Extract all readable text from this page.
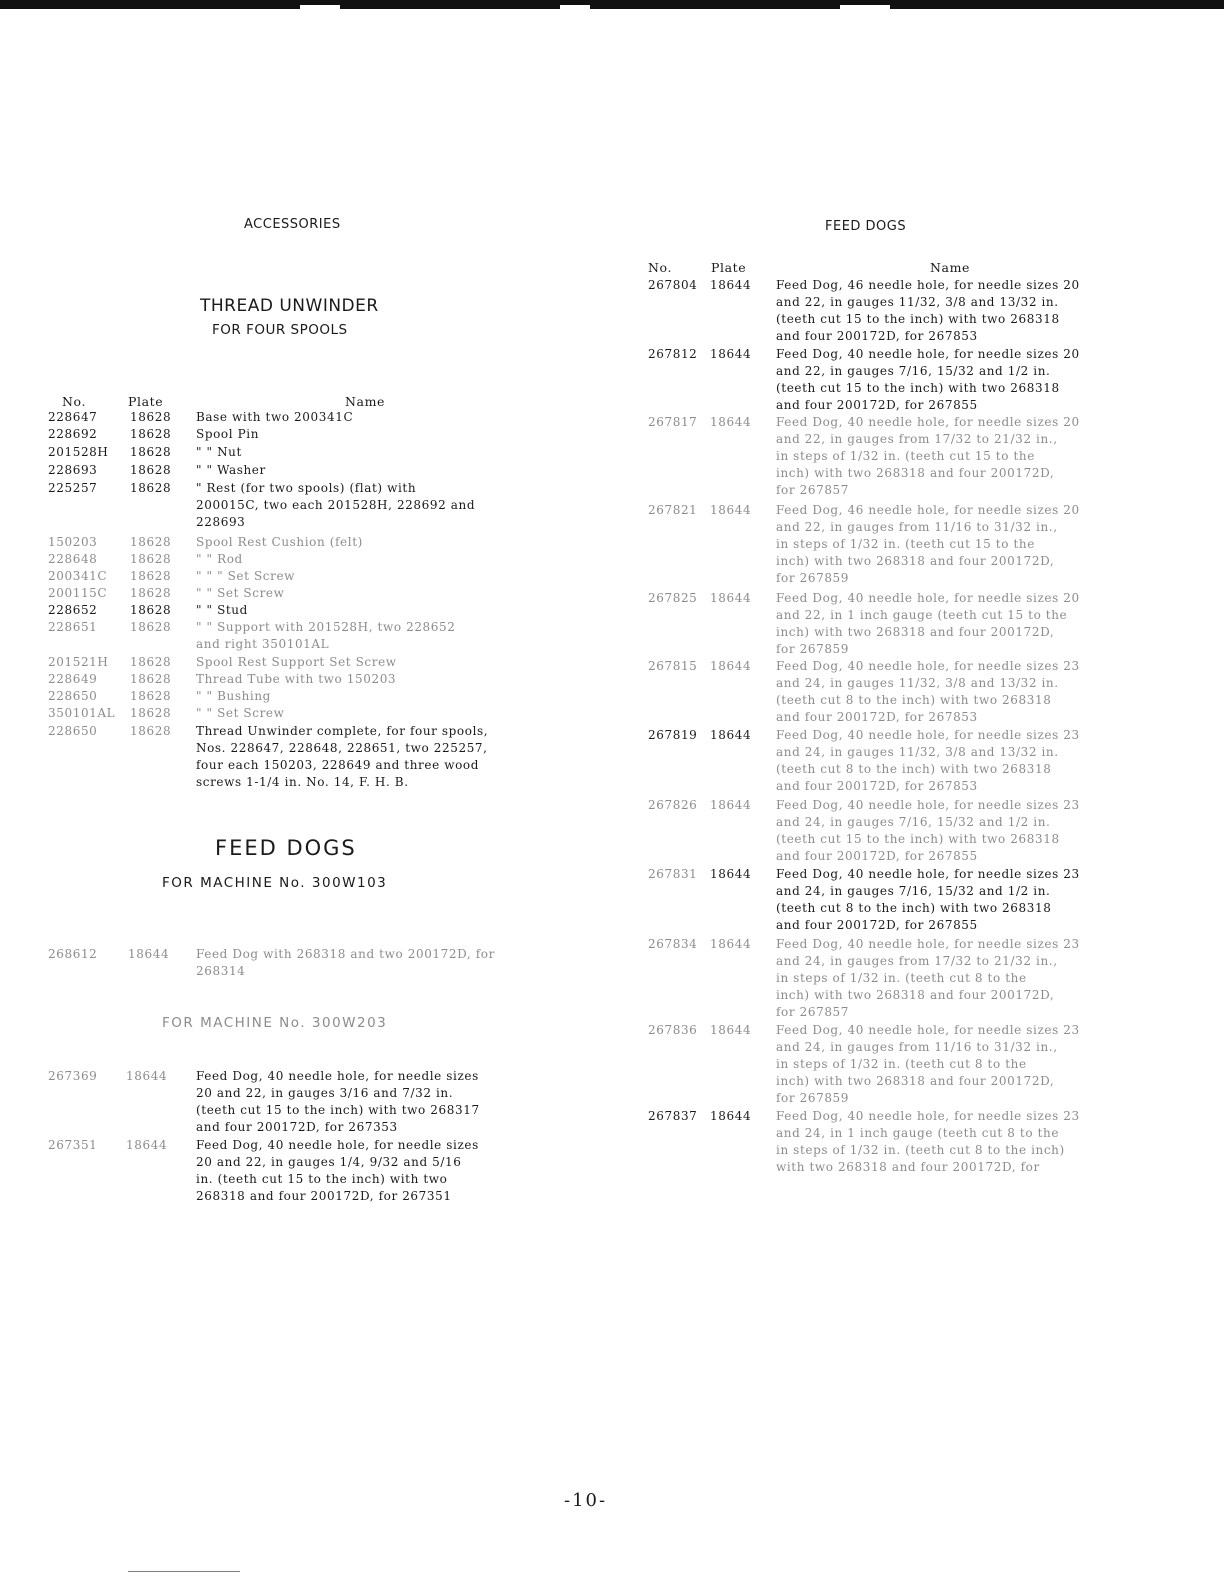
ACCESSORIES
THREAD UNWINDER
FOR FOUR SPOOLS
No.	Plate	Name
228647	18628 Base with two 200341C
228692	18628 Spool Pin
201528H 18628 " " Nut
228693	18628 " " Washer
225257	18628 " Rest (for two spools) (flat) with
200015C, two each 201528H, 228692 and
228693
150203	18628 Spool Rest Cushion (felt)
228648	18628 " " Rod
200341C 18628 " " " Set Screw
200115C 18628 " " Set Screw
228652	18628 " " Stud
228651	18628 " " Support with 201528H, two 228652
and right 350101AL
201521H 18628 Spool Rest Support Set Screw
228649	18628 Thread Tube with two 150203
228650	18628 " " Bushing
350101AL 18628 " " Set Screw
228650	18628 Thread Unwinder complete, for four spools,
Nos. 228647, 228648, 228651, two 225257,
four each 150203, 228649 and three wood
screws 1-1/4 in. No. 14, F. H. B.
FEED DOGS
FOR MACHINE No. 300W103
268612	18644 Feed Dog with 268318 and two 200172D, for
268314
FOR MACHINE No. 300W203
267369 18644 Feed Dog, 40 needle hole, for needle sizes
20 and 22, in gauges 3/16 and 7/32 in.
(teeth cut 15 to the inch) with two 268317
and four 200172D, for 267353
267351 18644 Feed Dog, 40 needle hole, for needle sizes
20 and 22, in gauges 1/4, 9/32 and 5/16
in. (teeth cut 15 to the inch) with two
268318 and four 200172D, for 267351
FEED DOGS
No.	Plate	Name
267804 18644 Feed Dog, 46 needle hole, for needle sizes 20
and 22, in gauges 11/32, 3/8 and 13/32 in.
(teeth cut 15 to the inch) with two 268318
and four 200172D, for 267853
267812 18644 Feed Dog, 40 needle hole, for needle sizes 20
and 22, in gauges 7/16, 15/32 and 1/2 in.
(teeth cut 15 to the inch) with two 268318
and four 200172D, for 267855
267817 18644 Feed Dog, 40 needle hole, for needle sizes 20
and 22, in gauges from 17/32 to 21/32 in.,
in steps of 1/32 in. (teeth cut 15 to the
inch) with two 268318 and four 200172D,
for 267857
267821 18644 Feed Dog, 46 needle hole, for needle sizes 20
and 22, in gauges from 11/16 to 31/32 in.,
in steps of 1/32 in. (teeth cut 15 to the
inch) with two 268318 and four 200172D,
for 267859
267825 18644 Feed Dog, 40 needle hole, for needle sizes 20
and 22, in 1 inch gauge (teeth cut 15 to the
inch) with two 268318 and four 200172D,
for 267859
267815 18644 Feed Dog, 40 needle hole, for needle sizes 23
and 24, in gauges 11/32, 3/8 and 13/32 in.
(teeth cut 8 to the inch) with two 268318
and four 200172D, for 267853
267819 18644 Feed Dog, 40 needle hole, for needle sizes 23
and 24, in gauges 11/32, 3/8 and 13/32 in.
(teeth cut 8 to the inch) with two 268318
and four 200172D, for 267853
267826 18644 Feed Dog, 40 needle hole, for needle sizes 23
and 24, in gauges 7/16, 15/32 and 1/2 in.
(teeth cut 15 to the inch) with two 268318
and four 200172D, for 267855
267831 18644 Feed Dog, 40 needle hole, for needle sizes 23
and 24, in gauges 7/16, 15/32 and 1/2 in.
(teeth cut 8 to the inch) with two 268318
and four 200172D, for 267855
267834 18644 Feed Dog, 40 needle hole, for needle sizes 23
and 24, in gauges from 17/32 to 21/32 in.,
in steps of 1/32 in. (teeth cut 8 to the
inch) with two 268318 and four 200172D,
for 267857
267836 18644 Feed Dog, 40 needle hole, for needle sizes 23
and 24, in gauges from 11/16 to 31/32 in.,
in steps of 1/32 in. (teeth cut 8 to the
inch) with two 268318 and four 200172D,
for 267859
267837 18644 Feed Dog, 40 needle hole, for needle sizes 23
and 24, in 1 inch gauge (teeth cut 8 to the
in steps of 1/32 in. (teeth cut 8 to the inch)
with two 268318 and four 200172D, for
-10-
